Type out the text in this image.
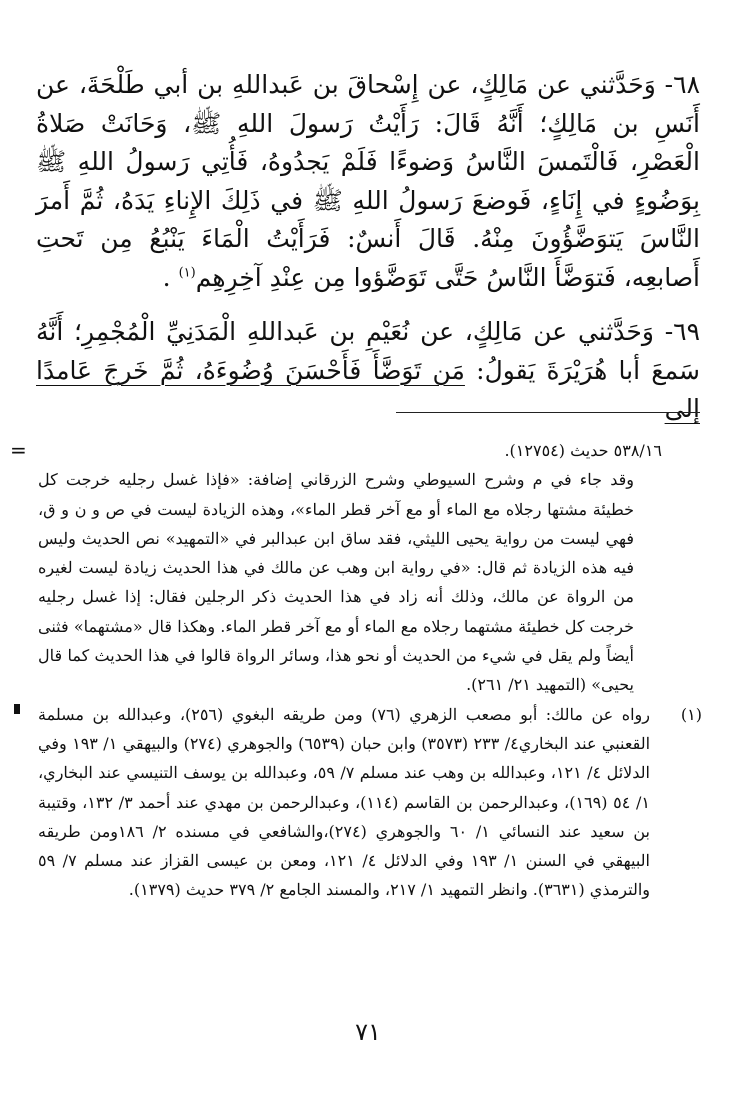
٦٨- وَحَدَّثني عن مَالِكٍ، عن إِسْحاقَ بن عَبداللهِ بن أبي طَلْحَةَ، عن أَنَسِ بن مَالِكٍ؛ أَنَّهُ قَالَ: رَأَيْتُ رَسولَ اللهِ ﷺ، وَحَانَتْ صَلاةُ الْعَصْرِ، فَالْتَمسَ النَّاسُ وَضوءًا فَلَمْ يَجدُوهُ، فَأُتِي رَسولُ اللهِ ﷺ بِوَضُوءٍ في إِنَاءٍ، فَوضعَ رَسولُ اللهِ ﷺ في ذَلِكَ الإِناءِ يَدَهُ، ثُمَّ أَمرَ النَّاسَ يَتوَضَّؤُونَ مِنْهُ. قَالَ أَنسٌ: فَرَأَيْتُ الْمَاءَ يَنْبُعُ مِن تَحتِ أَصابعِه، فَتوَضَّأَ النَّاسُ حَتَّى تَوَضَّؤوا مِن عِنْدِ آخِرِهِم$^{(١)}$ .

٦٩- وَحَدَّثني عن مَالِكٍ، عن نُعَيْمِ بن عَبداللهِ الْمَدَنِيِّ الْمُجْمِرِ؛ أَنَّهُ سَمعَ أبا هُرَيْرَةَ يَقولُ: مَن تَوَضَّأَ فَأَحْسَنَ وُضُوءَهُ، ثُمَّ خَرجَ عَامدًا إلى

=	٥٣٨/١٦ حديث (١٢٧٥٤).

وقد جاء في م وشرح السيوطي وشرح الزرقاني إضافة: «فإذا غسل رجليه خرجت كل خطيئة مشتها رجلاه مع الماء أو مع آخر قطر الماء»، وهذه الزيادة ليست في ص و ن و ق، فهي ليست من رواية يحيى الليثي، فقد ساق ابن عبدالبر في «التمهيد» نص الحديث وليس فيه هذه الزيادة ثم قال: «في رواية ابن وهب عن مالك في هذا الحديث زيادة ليست لغيره من الرواة عن مالك، وذلك أنه زاد في هذا الحديث ذكر الرجلين فقال: إذا غسل رجليه خرجت كل خطيئة مشتهما رجلاه مع الماء أو مع آخر قطر الماء. وهكذا قال «مشتهما» فثنى أيضاً ولم يقل في شيء من الحديث أو نحو هذا، وسائر الرواة قالوا في هذا الحديث كما قال يحيى» (التمهيد ٢١/ ٢٦١).

(١)
رواه عن مالك: أبو مصعب الزهري (٧٦) ومن طريقه البغوي (٢٥٦)، وعبدالله بن مسلمة القعنبي عند البخاري٤/ ٢٣٣ (٣٥٧٣) وابن حبان (٦٥٣٩) والجوهري (٢٧٤) والبيهقي ١/ ١٩٣ وفي الدلائل ٤/ ١٢١، وعبدالله بن وهب عند مسلم ٧/ ٥٩، وعبدالله بن يوسف التنيسي عند البخاري، ١/ ٥٤ (١٦٩)، وعبدالرحمن بن القاسم (١١٤)، وعبدالرحمن بن مهدي عند أحمد ٣/ ١٣٢، وقتيبة بن سعيد عند النسائي ١/ ٦٠ والجوهري (٢٧٤)،والشافعي في مسنده ٢/ ١٨٦ومن طريقه البيهقي في السنن ١/ ١٩٣ وفي الدلائل ٤/ ١٢١، ومعن بن عيسى القزاز عند مسلم ٧/ ٥٩ والترمذي (٣٦٣١). وانظر التمهيد ١/ ٢١٧، والمسند الجامع ٢/ ٣٧٩ حديث (١٣٧٩).

٧١
